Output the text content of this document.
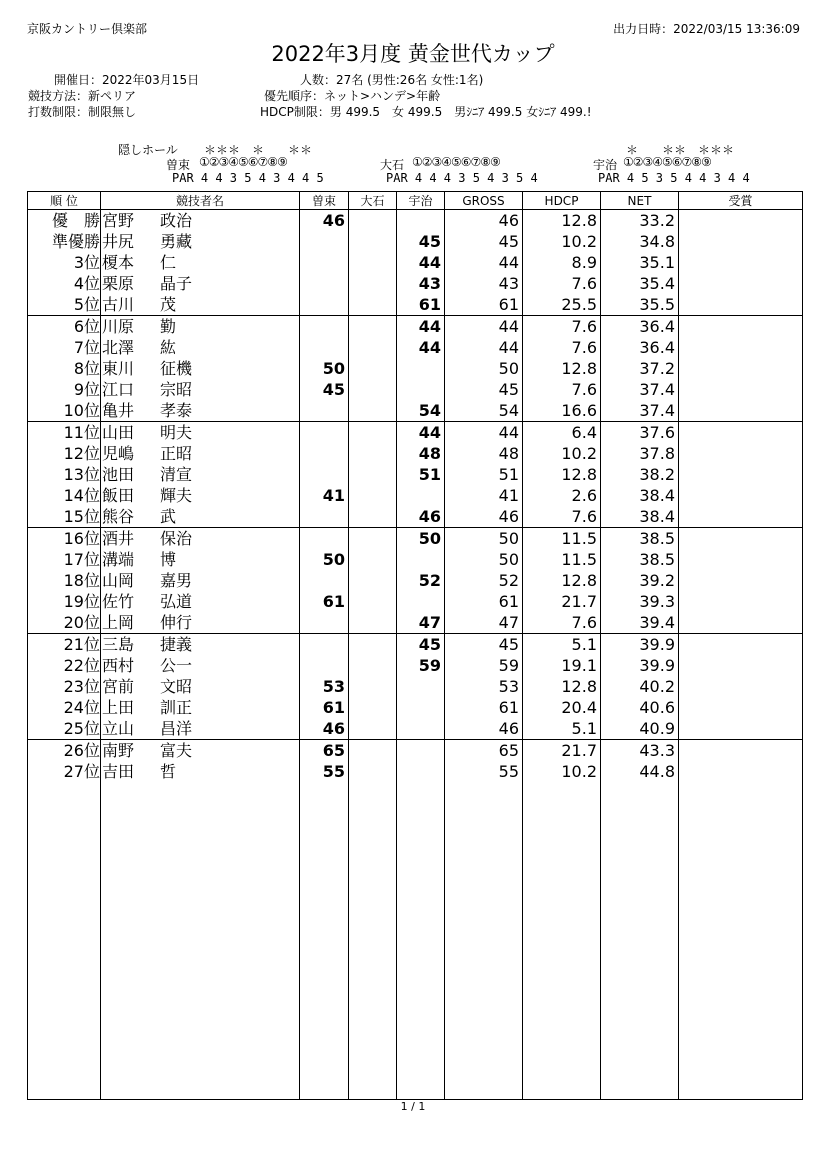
京阪カントリー倶楽部	出力日時：2022/03/15 13:36:09
2022年3月度 黄金世代カップ
開催日：2022年03月15日
競技方法：新ペリア
打数制限：制限無し
人数：27名 (男性:26名 女性:1名)
優先順序：ネット>ハンデ>年齢
HDCP制限：男 499.5　女 499.5　男ｼﾆｱ 499.5 女ｼﾆｱ 499.!
隠しホール ＊＊＊　＊　　＊＊	＊　　＊＊　＊＊＊
曽束 ①②③④⑤⑥⑦⑧⑨
PAR 4 4 3 5 4 3 4 4 5
大石 ①②③④⑤⑥⑦⑧⑨
PAR 4 4 4 3 5 4 3 5 4
宇治 ①②③④⑤⑥⑦⑧⑨
PAR 4 5 3 5 4 4 3 4 4
順 位	競技者名	曽束	大石	宇治	GROSS	HDCP	NET	受賞
優　勝	宮野 政治	46			46	12.8	33.2	
準優勝	井尻 勇藏			45	45	10.2	34.8	
3位	榎本 仁			44	44	8.9	35.1	
4位	栗原 晶子			43	43	7.6	35.4	
5位	古川 茂			61	61	25.5	35.5	
6位	川原 勤			44	44	7.6	36.4	
7位	北澤 紘			44	44	7.6	36.4	
8位	東川 征機	50			50	12.8	37.2	
9位	江口 宗昭	45			45	7.6	37.4	
10位	亀井 孝泰			54	54	16.6	37.4	
11位	山田 明夫			44	44	6.4	37.6	
12位	児嶋 正昭			48	48	10.2	37.8	
13位	池田 清宣			51	51	12.8	38.2	
14位	飯田 輝夫	41			41	2.6	38.4	
15位	熊谷 武			46	46	7.6	38.4	
16位	酒井 保治			50	50	11.5	38.5	
17位	溝端 博	50			50	11.5	38.5	
18位	山岡 嘉男			52	52	12.8	39.2	
19位	佐竹 弘道	61			61	21.7	39.3	
20位	上岡 伸行			47	47	7.6	39.4	
21位	三島 捷義			45	45	5.1	39.9	
22位	西村 公一			59	59	19.1	39.9	
23位	宮前 文昭	53			53	12.8	40.2	
24位	上田 訓正	61			61	20.4	40.6	
25位	立山 昌洋	46			46	5.1	40.9	
26位	南野 富夫	65			65	21.7	43.3	
27位	吉田 哲	55			55	10.2	44.8	

1 / 1
